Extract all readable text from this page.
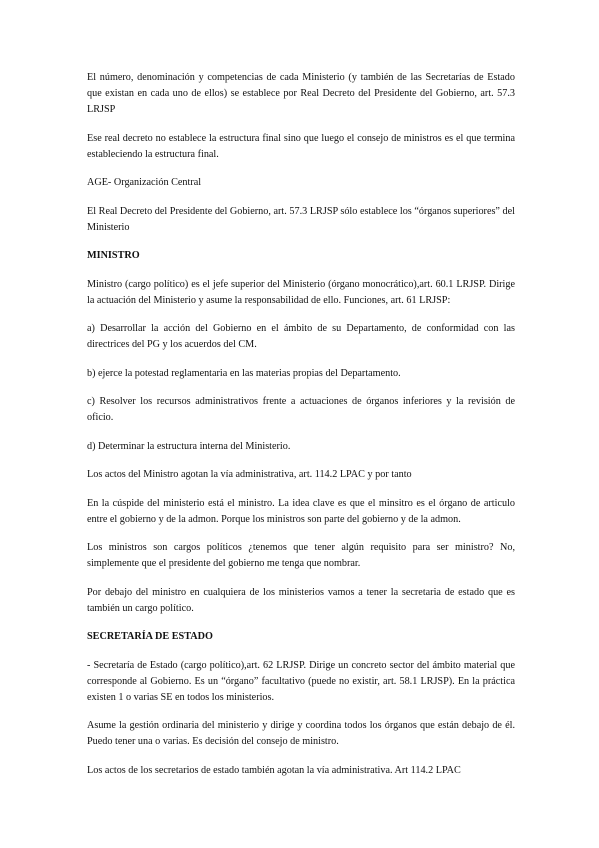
El número, denominación y competencias de cada Ministerio (y también de las Secretarías de Estado que existan en cada uno de ellos) se establece por Real Decreto del Presidente del Gobierno, art. 57.3 LRJSP

Ese real decreto no establece la estructura final sino que luego el consejo de ministros es el que termina estableciendo la estructura final.

AGE- Organización Central

El Real Decreto del Presidente del Gobierno, art. 57.3 LRJSP sólo establece los “órganos superiores” del Ministerio

MINISTRO

Ministro (cargo político) es el jefe superior del Ministerio (órgano monocrático),art. 60.1 LRJSP. Dirige la actuación del Ministerio y asume la responsabilidad de ello. Funciones, art. 61 LRJSP:

a) Desarrollar la acción del Gobierno en el ámbito de su Departamento, de conformidad con las directrices del PG y los acuerdos del CM.

b) ejerce la potestad reglamentaria en las materias propias del Departamento.

c) Resolver los recursos administrativos frente a actuaciones de órganos inferiores y la revisión de oficio.

d) Determinar la estructura interna del Ministerio.

Los actos del Ministro agotan la vía administrativa, art. 114.2 LPAC y por tanto

En la cúspide del ministerio está el ministro. La idea clave es que el minsitro es el órgano de articulo entre el gobierno y de la admon. Porque los ministros son parte del gobierno y de la admon.

Los ministros son cargos políticos ¿tenemos que tener algún requisito para ser ministro? No, simplemente que el presidente del gobierno me tenga que nombrar.

Por debajo del ministro en cualquiera de los ministerios vamos a tener la secretaria de estado que es también un cargo político.

SECRETARÍA DE ESTADO

- Secretaría de Estado (cargo político),art. 62 LRJSP. Dirige un concreto sector del ámbito material que corresponde al Gobierno. Es un “órgano” facultativo (puede no existir, art. 58.1 LRJSP). En la práctica existen 1 o varias SE en todos los ministerios.

Asume la gestión ordinaria del ministerio y dirige y coordina todos los órganos que están debajo de él. Puedo tener una o varias. Es decisión del consejo de ministro.

Los actos de los secretarios de estado también agotan la vía administrativa. Art 114.2 LPAC
